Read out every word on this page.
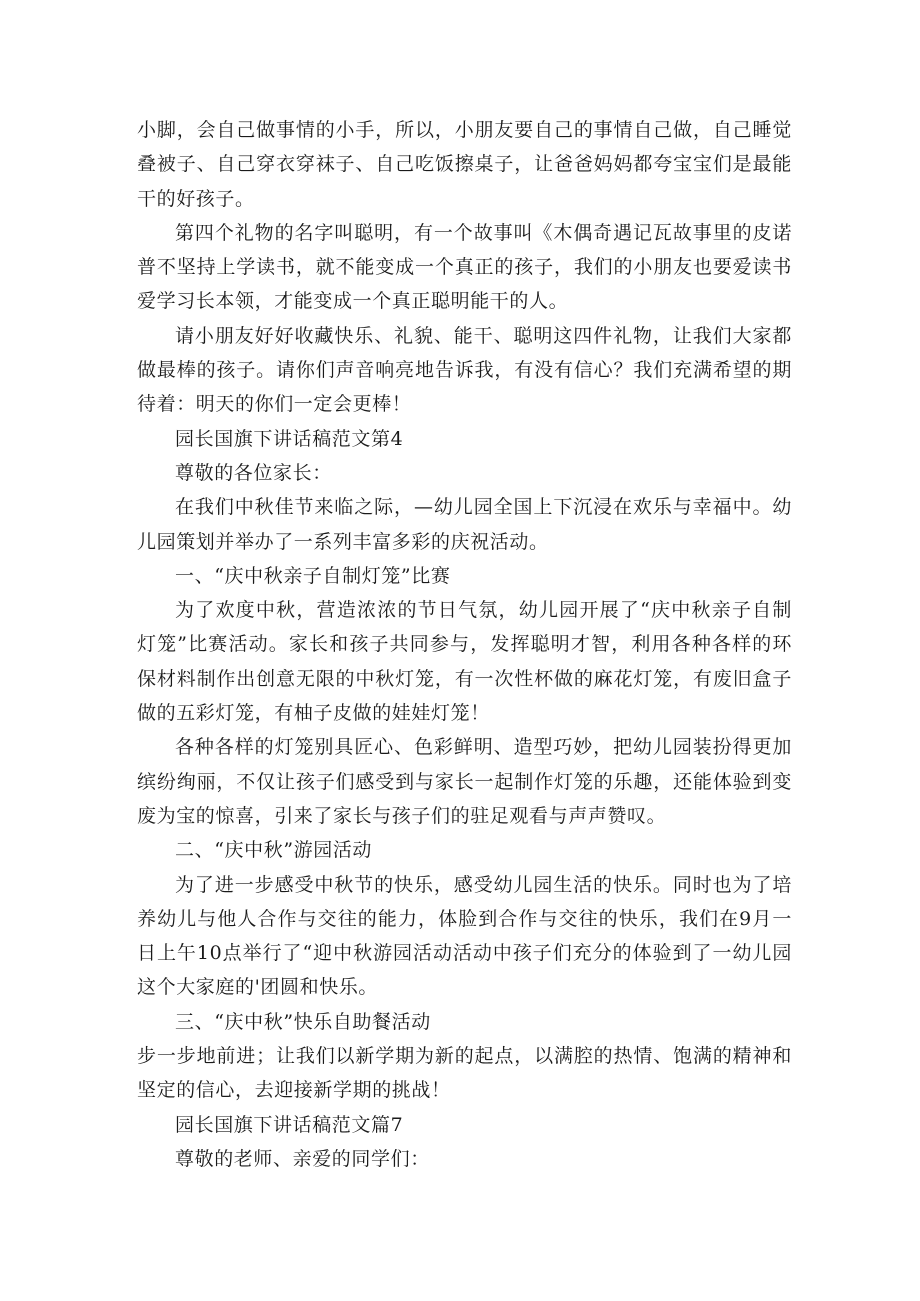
小脚，会自己做事情的小手，所以，小朋友要自己的事情自己做，自己睡觉叠被子、自己穿衣穿袜子、自己吃饭擦桌子，让爸爸妈妈都夸宝宝们是最能干的好孩子。

第四个礼物的名字叫聪明，有一个故事叫《木偶奇遇记瓦故事里的皮诺普不坚持上学读书，就不能变成一个真正的孩子，我们的小朋友也要爱读书爱学习长本领，才能变成一个真正聪明能干的人。

请小朋友好好收藏快乐、礼貌、能干、聪明这四件礼物，让我们大家都做最棒的孩子。请你们声音响亮地告诉我，有没有信心？我们充满希望的期待着：明天的你们一定会更棒！

园长国旗下讲话稿范文第4

尊敬的各位家长：

在我们中秋佳节来临之际，—幼儿园全国上下沉浸在欢乐与幸福中。幼儿园策划并举办了一系列丰富多彩的庆祝活动。

一、“庆中秋亲子自制灯笼”比赛

为了欢度中秋，营造浓浓的节日气氛，幼儿园开展了“庆中秋亲子自制灯笼”比赛活动。家长和孩子共同参与，发挥聪明才智，利用各种各样的环保材料制作出创意无限的中秋灯笼，有一次性杯做的麻花灯笼，有废旧盒子做的五彩灯笼，有柚子皮做的娃娃灯笼！

各种各样的灯笼别具匠心、色彩鲜明、造型巧妙，把幼儿园装扮得更加缤纷绚丽，不仅让孩子们感受到与家长一起制作灯笼的乐趣，还能体验到变废为宝的惊喜，引来了家长与孩子们的驻足观看与声声赞叹。

二、“庆中秋”游园活动

为了进一步感受中秋节的快乐，感受幼儿园生活的快乐。同时也为了培养幼儿与他人合作与交往的能力，体脸到合作与交往的快乐，我们在9月一日上午10点举行了“迎中秋游园活动活动中孩子们充分的体验到了一幼儿园这个大家庭的'团圆和快乐。

三、“庆中秋”快乐自助餐活动

步一步地前进；让我们以新学期为新的起点，以满腔的热情、饱满的精神和坚定的信心，去迎接新学期的挑战！

园长国旗下讲话稿范文篇7

尊敬的老师、亲爱的同学们：
